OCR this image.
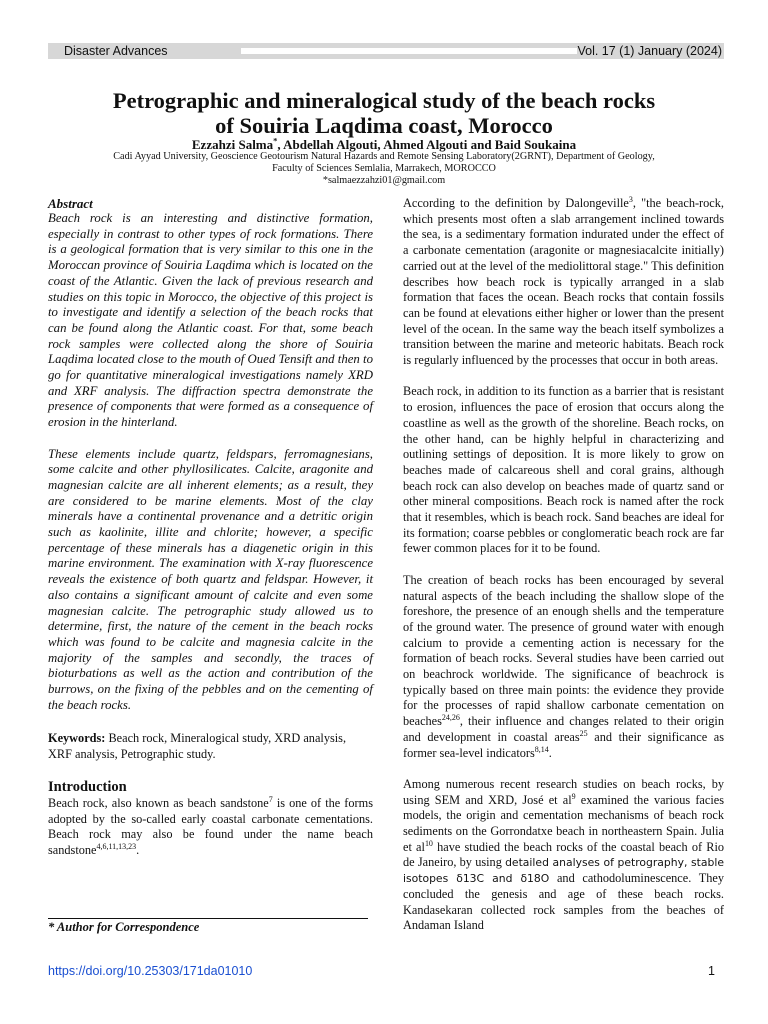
Disaster Advances	Vol. 17 (1) January (2024)
Petrographic and mineralogical study of the beach rocks
of Souiria Laqdima coast, Morocco
Ezzahzi Salma*, Abdellah Algouti, Ahmed Algouti and Baid Soukaina
Cadi Ayyad University, Geoscience Geotourism Natural Hazards and Remote Sensing Laboratory(2GRNT), Department of Geology,
Faculty of Sciences Semlalia, Marrakech, MOROCCO
*salmaezzahzi01@gmail.com
Abstract

Beach rock is an interesting and distinctive formation, especially in contrast to other types of rock formations. There is a geological formation that is very similar to this one in the Moroccan province of Souiria Laqdima which is located on the coast of the Atlantic. Given the lack of previous research and studies on this topic in Morocco, the objective of this project is to investigate and identify a selection of the beach rocks that can be found along the Atlantic coast. For that, some beach rock samples were collected along the shore of Souiria Laqdima located close to the mouth of Oued Tensift and then to go for quantitative mineralogical investigations namely XRD and XRF analysis. The diffraction spectra demonstrate the presence of components that were formed as a consequence of erosion in the hinterland.

These elements include quartz, feldspars, ferromagnesians, some calcite and other phyllosilicates. Calcite, aragonite and magnesian calcite are all inherent elements; as a result, they are considered to be marine elements. Most of the clay minerals have a continental provenance and a detritic origin such as kaolinite, illite and chlorite; however, a specific percentage of these minerals has a diagenetic origin in this marine environment. The examination with X-ray fluorescence reveals the existence of both quartz and feldspar. However, it also contains a significant amount of calcite and even some magnesian calcite. The petrographic study allowed us to determine, first, the nature of the cement in the beach rocks which was found to be calcite and magnesia calcite in the majority of the samples and secondly, the traces of bioturbations as well as the action and contribution of the burrows, on the fixing of the pebbles and on the cementing of the beach rocks.

Keywords: Beach rock, Mineralogical study, XRD analysis, XRF analysis, Petrographic study.
Introduction

Beach rock, also known as beach sandstone$^7$ is one of the forms adopted by the so-called early coastal carbonate cementations. Beach rock may also be found under the name beach sandstone$^{4,6,11,13,23}$.

* Author for Correspondence

According to the definition by Dalongeville$^3$, "the beach-rock, which presents most often a slab arrangement inclined towards the sea, is a sedimentary formation indurated under the effect of a carbonate cementation (aragonite or magnesiacalcite initially) carried out at the level of the mediolittoral stage." This definition describes how beach rock is typically arranged in a slab formation that faces the ocean. Beach rocks that contain fossils can be found at elevations either higher or lower than the present level of the ocean. In the same way the beach itself symbolizes a transition between the marine and meteoric habitats. Beach rock is regularly influenced by the processes that occur in both areas.

Beach rock, in addition to its function as a barrier that is resistant to erosion, influences the pace of erosion that occurs along the coastline as well as the growth of the shoreline. Beach rocks, on the other hand, can be highly helpful in characterizing and outlining settings of deposition. It is more likely to grow on beaches made of calcareous shell and coral grains, although beach rock can also develop on beaches made of quartz sand or other mineral compositions. Beach rock is named after the rock that it resembles, which is beach rock. Sand beaches are ideal for its formation; coarse pebbles or conglomeratic beach rock are far fewer common places for it to be found.

The creation of beach rocks has been encouraged by several natural aspects of the beach including the shallow slope of the foreshore, the presence of an enough shells and the temperature of the ground water. The presence of ground water with enough calcium to provide a cementing action is necessary for the formation of beach rocks. Several studies have been carried out on beachrock worldwide. The significance of beachrock is typically based on three main points: the evidence they provide for the processes of rapid shallow carbonate cementation on beaches$^{24,26}$, their influence and changes related to their origin and development in coastal areas$^{25}$ and their significance as former sea-level indicators$^{8,14}$.

Among numerous recent research studies on beach rocks, by using SEM and XRD, José et $al^9$ examined the various facies models, the origin and cementation mechanisms of beach rock sediments on the Gorrondatxe beach in northeastern Spain. Julia et $al^{10}$ have studied the beach rocks of the coastal beach of Rio de Janeiro, by using detailed analyses of petrography, stable isotopes δ13C and δ18O and cathodoluminescence. They concluded the genesis and age of these beach rocks. Kandasekaran collected rock samples from the beaches of Andaman Island

https://doi.org/10.25303/171da01010	1
